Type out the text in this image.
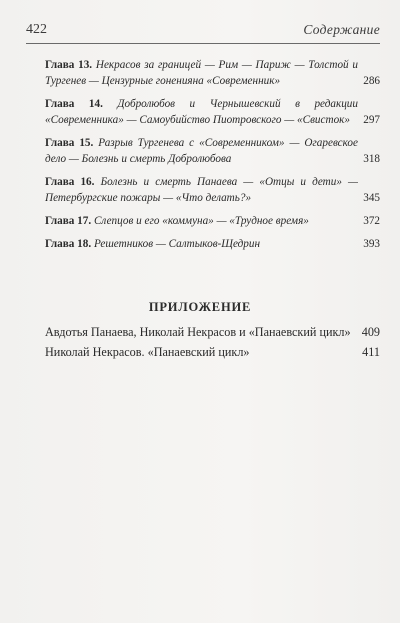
422	Содержание
Глава 13. Некрасов за границей — Рим — Париж — Толстой и Тургенев — Цензурные гонениянa «Современник»	286
Глава 14. Добролюбов и Чернышевский в редакции «Современника» — Самоубийство Пиотровского — «Свисток» 297
Глава 15. Разрыв Тургенева с «Современником» — Огаревское дело — Болезнь и смерть Добролюбова	318
Глава 16. Болезнь и смерть Панаева — «Отцы и дети» — Петербургские пожары — «Что делать?»	345
Глава 17. Слепцов и его «коммуна» — «Трудное время»	372
Глава 18. Решетников — Салтыков-Щедрин	393
ПРИЛОЖЕНИЕ
Авдотья Панаева, Николай Некрасов и «Панаевский цикл» 409
Николай Некрасов. «Панаевский цикл»	411
